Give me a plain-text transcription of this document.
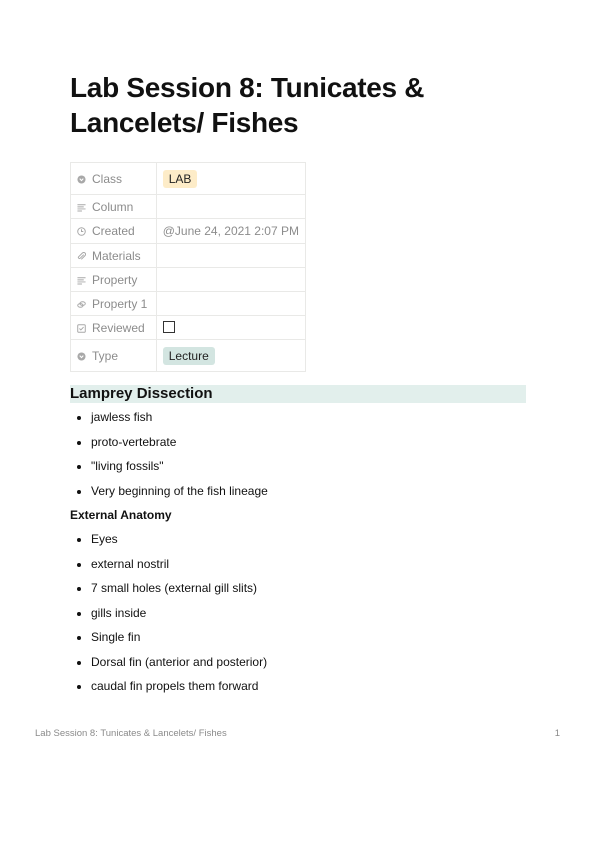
Lab Session 8: Tunicates & Lancelets/ Fishes
Class	LAB

Column	

Created	@June 24, 2021 2:07 PM

Materials	

Property	

Property 1	

Reviewed	

Type	Lecture
Lamprey Dissection
jawless fish
proto-vertebrate
"living fossils"
Very beginning of the fish lineage
External Anatomy
Eyes
external nostril
7 small holes (external gill slits)
gills inside
Single fin
Dorsal fin (anterior and posterior)
caudal fin propels them forward
Lab Session 8: Tunicates & Lancelets/ Fishes	1
